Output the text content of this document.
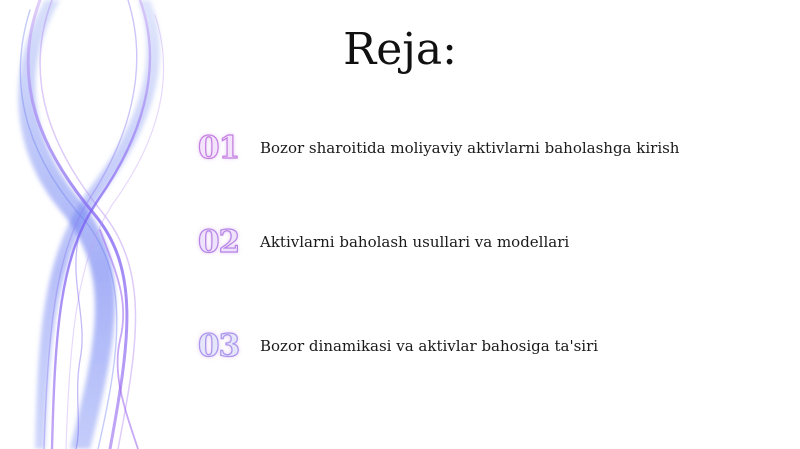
Reja:
01	Bozor sharoitida moliyaviy aktivlarni baholashga kirish
02	Aktivlarni baholash usullari va modellari
03	Bozor dinamikasi va aktivlar bahosiga ta'siri
